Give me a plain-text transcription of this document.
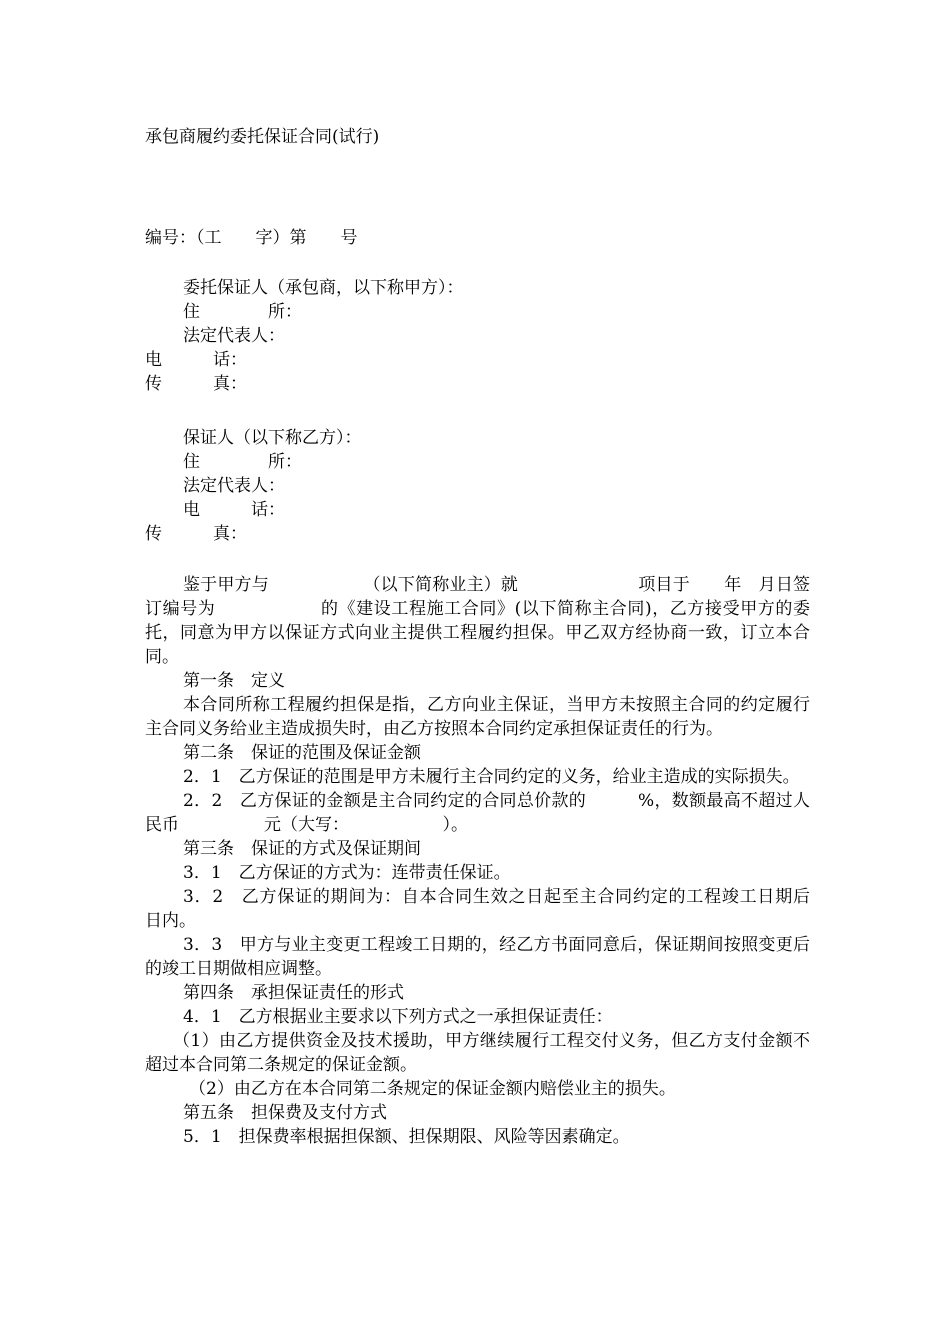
承包商履约委托保证合同(试行)
编号：（工　　字）第　　号
委托保证人（承包商，以下称甲方）：
住　　　　所：
法定代表人：
电　　　话：
传　　　真：
保证人（以下称乙方）：
住　　　　所：
法定代表人：
电　　　话：
传　　　真：
鉴于甲方与　　　　　　（以下简称业主）就　　　　　　　项目于　　年　月日签订编号为　　　　　　的《建设工程施工合同》(以下简称主合同)，乙方接受甲方的委托，同意为甲方以保证方式向业主提供工程履约担保。甲乙双方经协商一致，订立本合同。
第一条　定义
本合同所称工程履约担保是指，乙方向业主保证，当甲方未按照主合同的约定履行主合同义务给业主造成损失时，由乙方按照本合同约定承担保证责任的行为。
第二条　保证的范围及保证金额
2．1　乙方保证的范围是甲方未履行主合同约定的义务，给业主造成的实际损失。
2．2　乙方保证的金额是主合同约定的合同总价款的　　　%，数额最高不超过人民币　　　　　元（大写：　　　　　　）。
第三条　保证的方式及保证期间
3．1　乙方保证的方式为：连带责任保证。
3．2　乙方保证的期间为：自本合同生效之日起至主合同约定的工程竣工日期后　　　　　日内。
3．3　甲方与业主变更工程竣工日期的，经乙方书面同意后，保证期间按照变更后的竣工日期做相应调整。
第四条　承担保证责任的形式
4．1　乙方根据业主要求以下列方式之一承担保证责任：
（1）由乙方提供资金及技术援助，甲方继续履行工程交付义务，但乙方支付金额不超过本合同第二条规定的保证金额。
（2）由乙方在本合同第二条规定的保证金额内赔偿业主的损失。
第五条　担保费及支付方式
5．1　担保费率根据担保额、担保期限、风险等因素确定。
